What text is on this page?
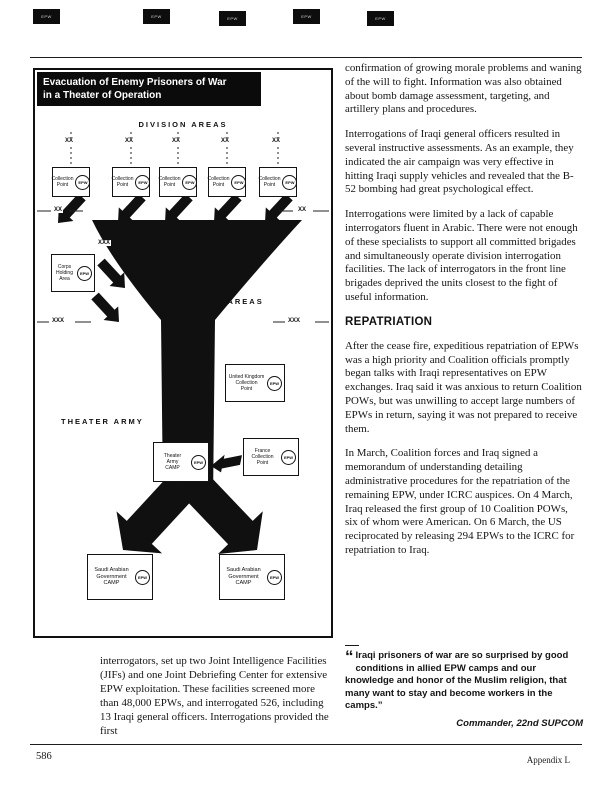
EPW	EPW	EPW	EPW	EPW
Evacuation of Enemy Prisoners of War
in a Theater of Operation
DIVISION AREAS
CORPS AREAS
THEATER ARMY
XX	XX	XX	XX	XX
XX	XX
XXX	XXX
XXX
Collection
Point	EPW
Collection
Point	EPW
Collection
Point	EPW
Collection
Point	EPW
Collection
Point	EPW
Corps
Holding
Area
EPW
United Kingdom
Collection
Point
EPW
Theater
Army
CAMP
EPW
France
Collection
Point
EPW
Saudi Arabian
Government
CAMP
EPW
Saudi Arabian
Government
CAMP
EPW

confirmation of growing morale problems and waning of the will to fight. Information was also obtained about bomb damage assessment, targeting, and artillery plans and procedures.

Interrogations of Iraqi general officers resulted in several instructive assessments. As an example, they indicated the air campaign was very effective in hitting Iraqi supply vehicles and revealed that the B-52 bombing had great psychological effect.

Interrogations were limited by a lack of capable interrogators fluent in Arabic. There were not enough of these specialists to support all committed brigades and simultaneously operate division interrogation facilities. The lack of interrogators in the front line brigades deprived the units closest to the fight of useful information.

REPATRIATION

After the cease fire, expeditious repatriation of EPWs was a high priority and Coalition officials promptly began talks with Iraqi representatives on EPW exchanges. Iraq said it was anxious to return Coalition POWs, but was unwilling to accept large numbers of EPWs in return, saying it was not prepared to receive them.

In March, Coalition forces and Iraq signed a memorandum of understanding detailing administrative procedures for the repatriation of the remaining EPW, under ICRC auspices. On 4 March, Iraq released the first group of 10 Coalition POWs, six of whom were American. On 6 March, the US reciprocated by releasing 294 EPWs to the ICRC for repatriation to Iraq.

interrogators, set up two Joint Intelligence Facilities (JIFs) and one Joint Debriefing Center for extensive EPW exploitation. These facilities screened more than 48,000 EPWs, and interrogated 526, including 13 Iraqi general officers. Interrogations provided the first

“ Iraqi prisoners of war are so surprised by good conditions in allied EPW camps and our knowledge and honor of the Muslim religion, that many want to stay and become workers in the camps.”
Commander, 22nd SUPCOM
586	Appendix L
